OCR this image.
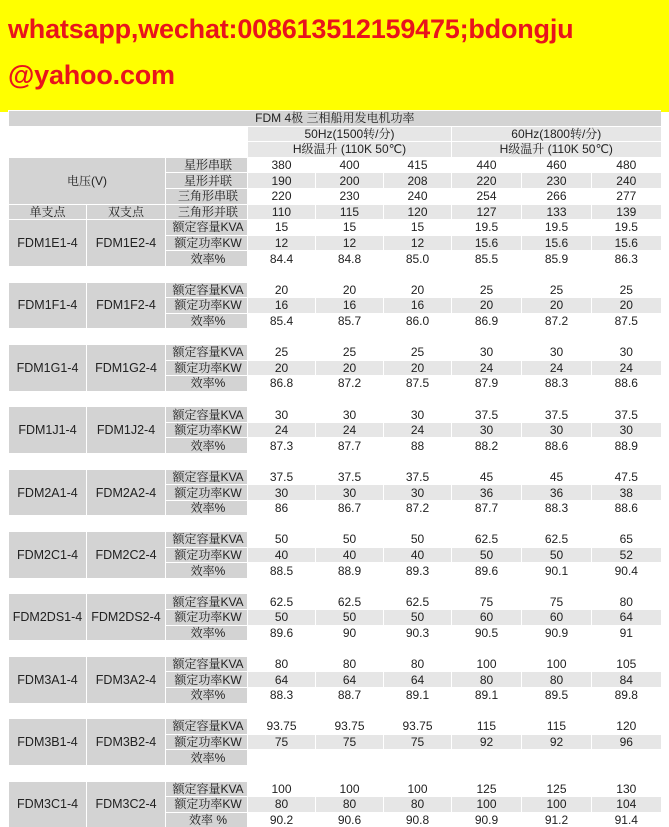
whatsapp,wechat:008613512159475;bdongju
@yahoo.com
FDM 4极 三相船用发电机功率								
			50Hz(1500转/分)			60Hz(1800转/分)		
			H级温升 (110K 50℃)			H级温升 (110K 50℃)		
电压(V)		星形串联	380	400	415	440	460	480
		星形并联	190	200	208	220	230	240
		三角形串联	220	230	240	254	266	277
单支点	双支点	三角形并联	110	115	120	127	133	139
FDM1E1-4	FDM1E2-4	额定容量KVA	15	15	15	19.5	19.5	19.5
		额定功率KW	12	12	12	15.6	15.6	15.6
		效率%	84.4	84.8	85.0	85.5	85.9	86.3

FDM1F1-4	FDM1F2-4	额定容量KVA	20	20	20	25	25	25
		额定功率KW	16	16	16	20	20	20
		效率%	85.4	85.7	86.0	86.9	87.2	87.5

FDM1G1-4	FDM1G2-4	额定容量KVA	25	25	25	30	30	30
		额定功率KW	20	20	20	24	24	24
		效率%	86.8	87.2	87.5	87.9	88.3	88.6

FDM1J1-4	FDM1J2-4	额定容量KVA	30	30	30	37.5	37.5	37.5
		额定功率KW	24	24	24	30	30	30
		效率%	87.3	87.7	88	88.2	88.6	88.9

FDM2A1-4	FDM2A2-4	额定容量KVA	37.5	37.5	37.5	45	45	47.5
		额定功率KW	30	30	30	36	36	38
		效率%	86	86.7	87.2	87.7	88.3	88.6

FDM2C1-4	FDM2C2-4	额定容量KVA	50	50	50	62.5	62.5	65
		额定功率KW	40	40	40	50	50	52
		效率%	88.5	88.9	89.3	89.6	90.1	90.4

FDM2DS1-4	FDM2DS2-4	额定容量KVA	62.5	62.5	62.5	75	75	80
		额定功率KW	50	50	50	60	60	64
		效率%	89.6	90	90.3	90.5	90.9	91

FDM3A1-4	FDM3A2-4	额定容量KVA	80	80	80	100	100	105
		额定功率KW	64	64	64	80	80	84
		效率%	88.3	88.7	89.1	89.1	89.5	89.8

FDM3B1-4	FDM3B2-4	额定容量KVA	93.75	93.75	93.75	115	115	120
		额定功率KW	75	75	75	92	92	96
		效率%						

FDM3C1-4	FDM3C2-4	额定容量KVA	100	100	100	125	125	130
		额定功率KW	80	80	80	100	100	104
		效率 %	90.2	90.6	90.8	90.9	91.2	91.4
